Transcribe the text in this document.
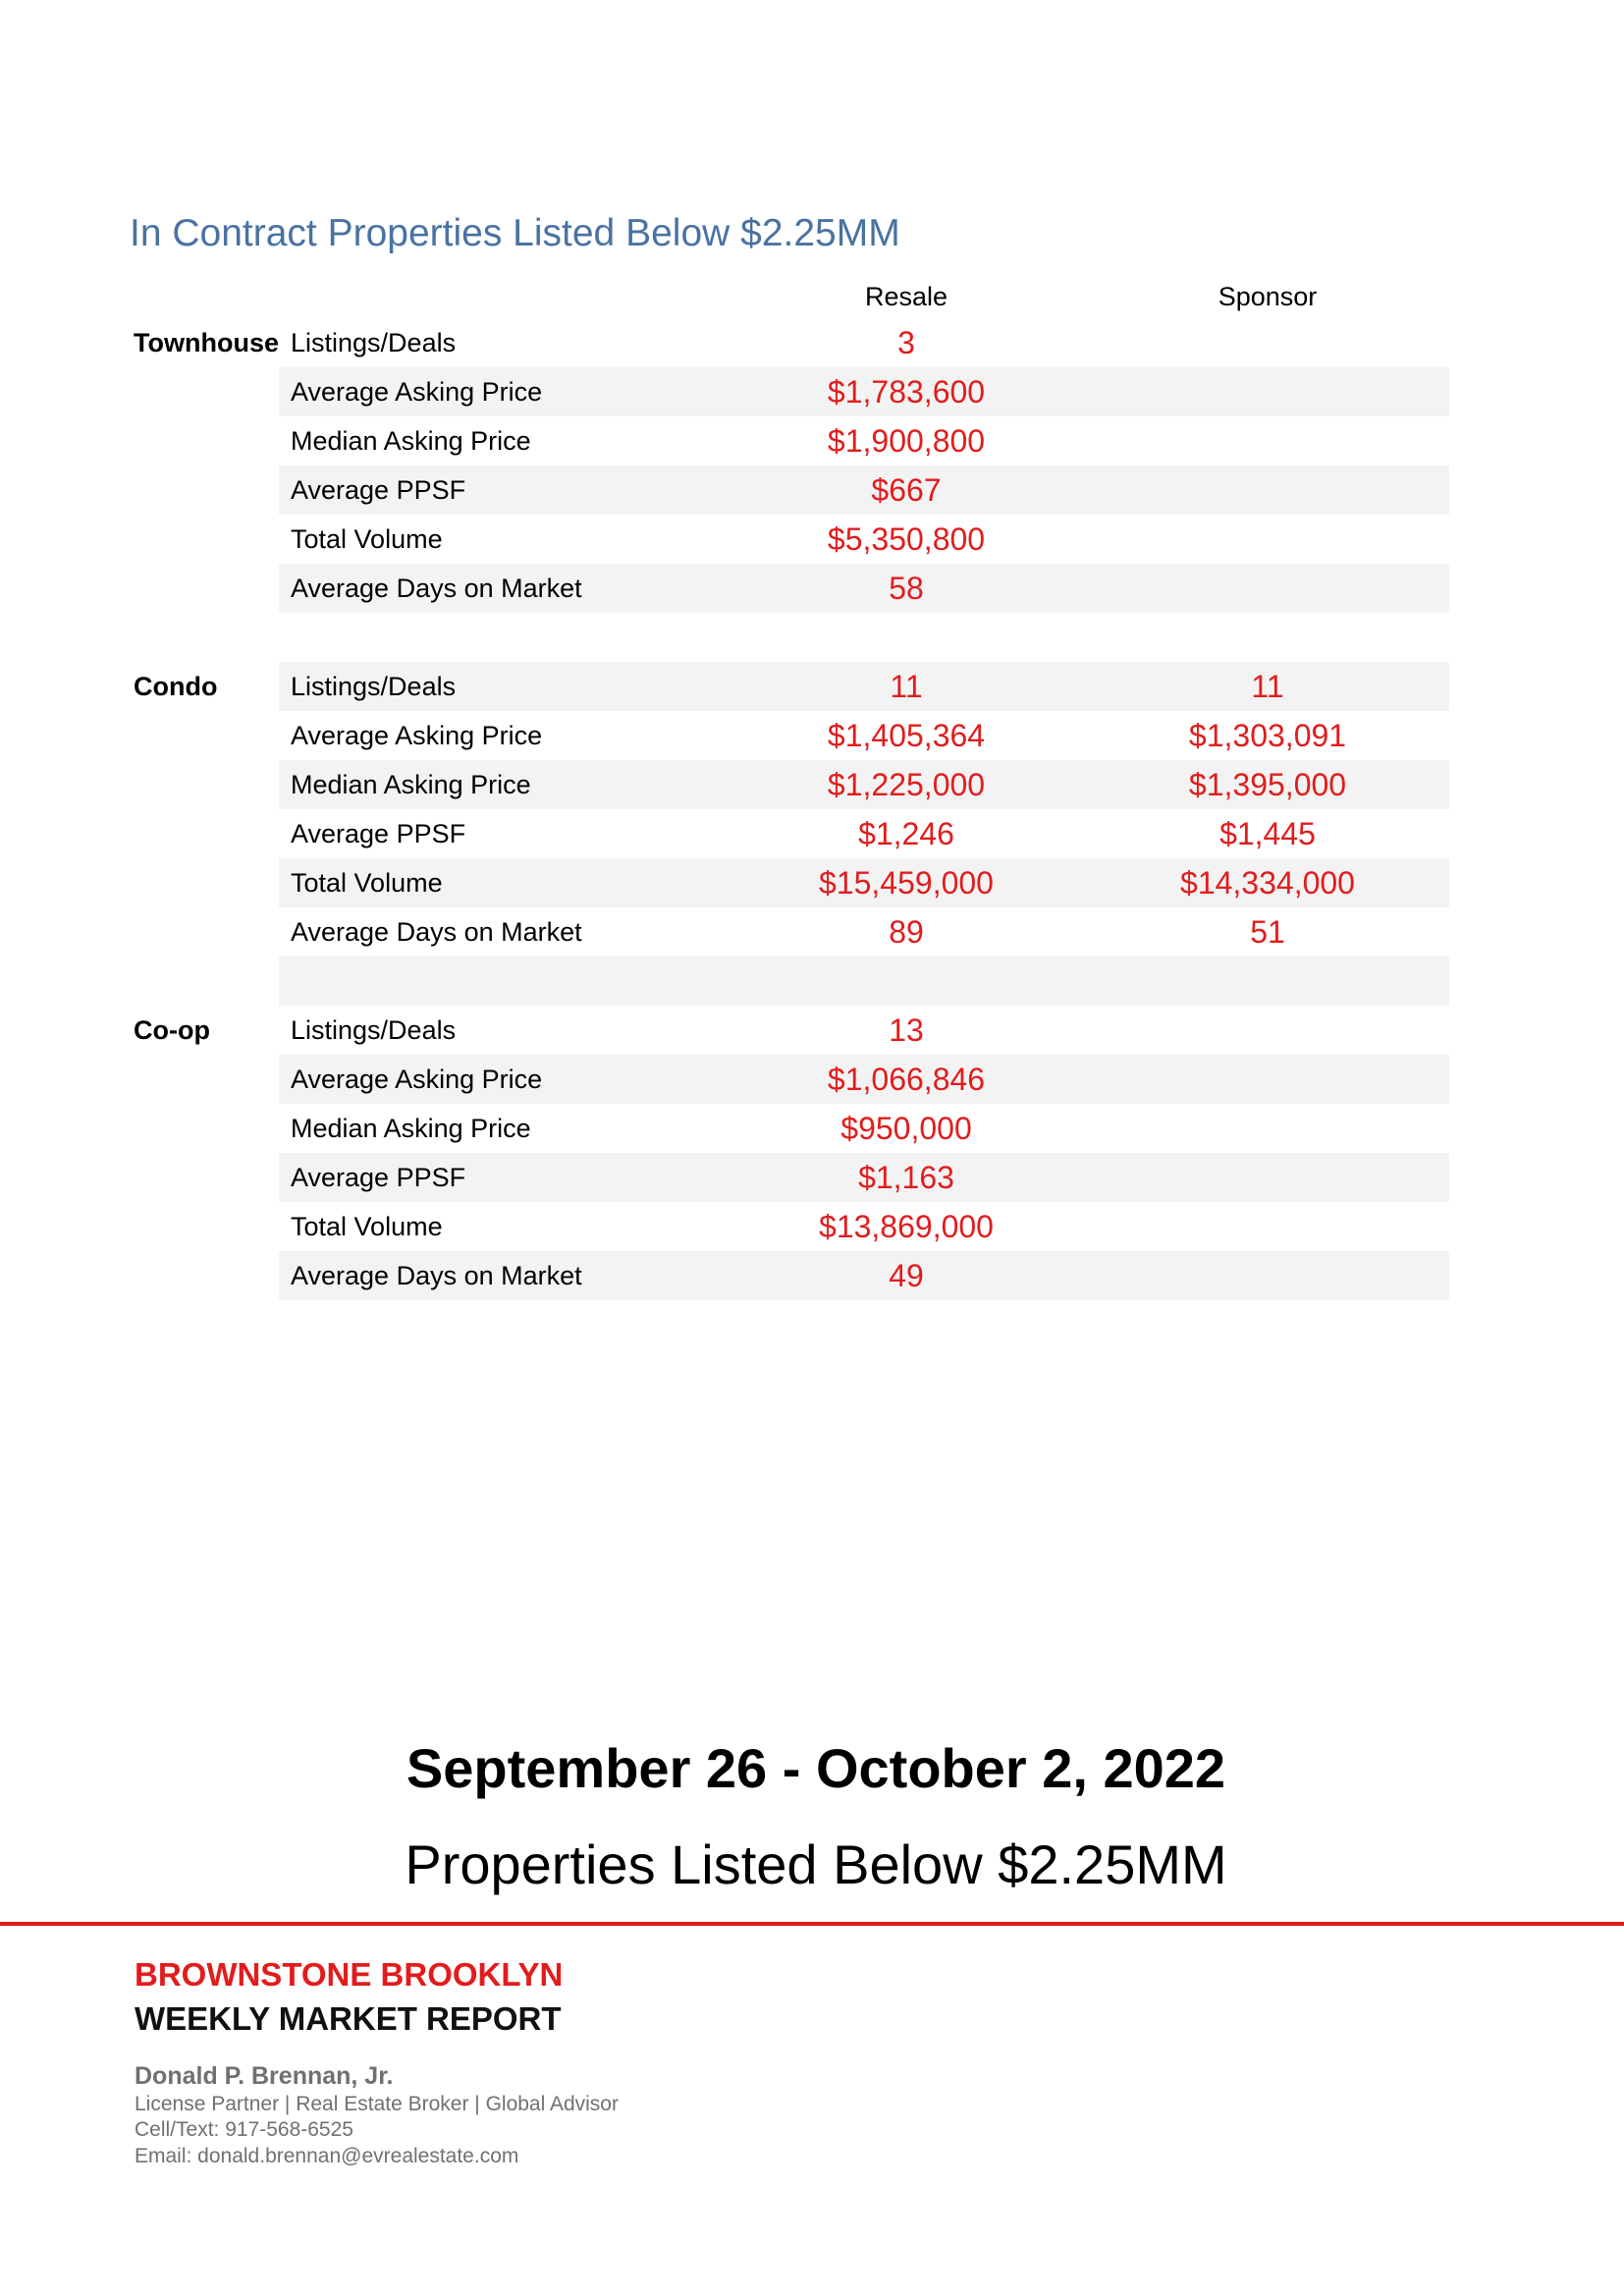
In Contract Properties Listed Below $2.25MM
Resale	Sponsor
Townhouse Listings/Deals	3
Average Asking Price	$1,783,600
Median Asking Price	$1,900,800
Average PPSF	$667
Total Volume	$5,350,800
Average Days on Market	58
Condo	Listings/Deals	11	11
Average Asking Price	$1,405,364	$1,303,091
Median Asking Price	$1,225,000	$1,395,000
Average PPSF	$1,246	$1,445
Total Volume	$15,459,000	$14,334,000
Average Days on Market	89	51
Co-op	Listings/Deals	13
Average Asking Price	$1,066,846
Median Asking Price	$950,000
Average PPSF	$1,163
Total Volume	$13,869,000
Average Days on Market	49
September 26 - October 2, 2022
Properties Listed Below $2.25MM
BROWNSTONE BROOKLYN
WEEKLY MARKET REPORT
Donald P. Brennan, Jr.
License Partner | Real Estate Broker | Global Advisor
Cell/Text: 917-568-6525
Email: donald.brennan@evrealestate.com
